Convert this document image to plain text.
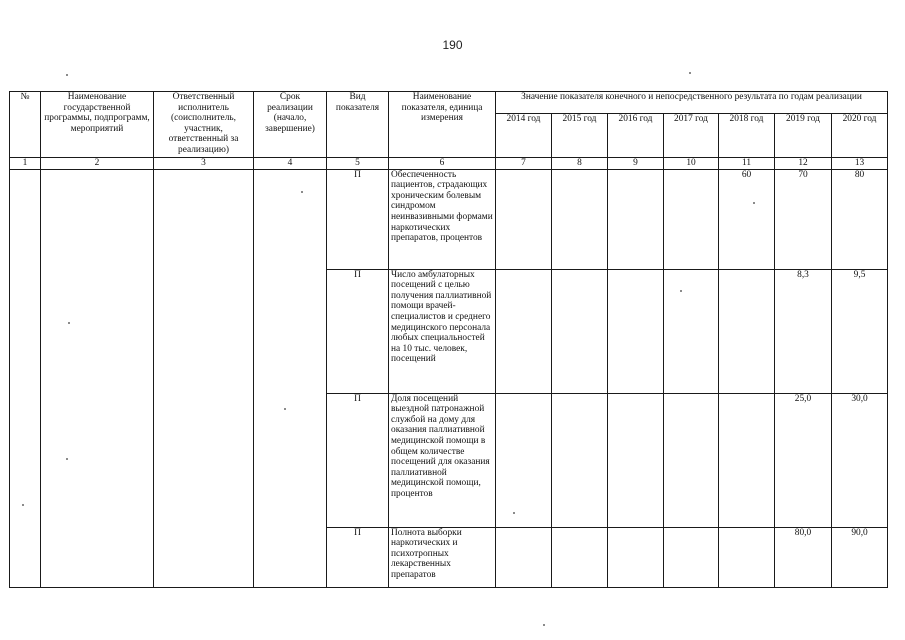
190
№	Наименование государственной программы, подпрограмм, мероприятий	Ответственный исполнитель (соисполнитель, участник, ответственный за реализацию)	Срок реализации (начало, завершение)	Вид показателя	Наименование показателя, единица измерения	Значение показателя конечного и непосредственного результата по годам реализации						
						2014 год	2015 год	2016 год	2017 год	2018 год	2019 год	2020 год
1	2	3	4	5	6	7	8	9	10	11	12	13
				П	Обеспеченность пациентов, страдающих хроническим болевым синдромом неинвазивными формами наркотических препаратов, процентов					60	70	80
				П	Число амбулаторных посещений с целью получения паллиативной помощи врачей-специалистов и среднего медицинского персонала любых специальностей на 10 тыс. человек, посещений						8,3	9,5
				П	Доля посещений выездной патронажной службой на дому для оказания паллиативной медицинской помощи в общем количестве посещений для оказания паллиативной медицинской помощи, процентов						25,0	30,0
				П	Полнота выборки наркотических и психотропных лекарственных препаратов						80,0	90,0
